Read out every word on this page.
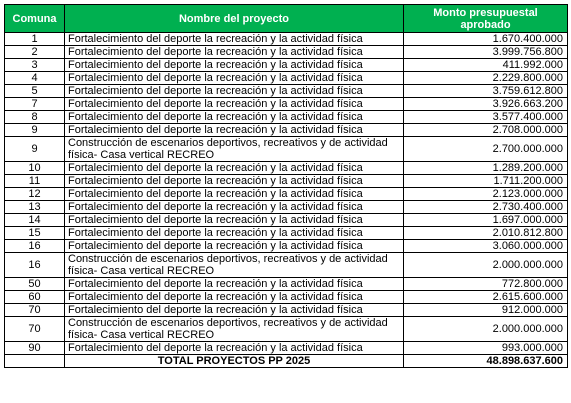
Comuna	Nombre del proyecto	Monto presupuestal aprobado
1	Fortalecimiento del deporte la recreación y la actividad física	1.670.400.000
2	Fortalecimiento del deporte la recreación y la actividad física	3.999.756.800
3	Fortalecimiento del deporte la recreación y la actividad física	411.992.000
4	Fortalecimiento del deporte la recreación y la actividad física	2.229.800.000
5	Fortalecimiento del deporte la recreación y la actividad física	3.759.612.800
7	Fortalecimiento del deporte la recreación y la actividad física	3.926.663.200
8	Fortalecimiento del deporte la recreación y la actividad física	3.577.400.000
9	Fortalecimiento del deporte la recreación y la actividad física	2.708.000.000
9	Construcción de escenarios deportivos, recreativos y de actividad física- Casa vertical RECREO	2.700.000.000
10	Fortalecimiento del deporte la recreación y la actividad física	1.289.200.000
11	Fortalecimiento del deporte la recreación y la actividad física	1.711.200.000
12	Fortalecimiento del deporte la recreación y la actividad física	2.123.000.000
13	Fortalecimiento del deporte la recreación y la actividad física	2.730.400.000
14	Fortalecimiento del deporte la recreación y la actividad física	1.697.000.000
15	Fortalecimiento del deporte la recreación y la actividad física	2.010.812.800
16	Fortalecimiento del deporte la recreación y la actividad física	3.060.000.000
16	Construcción de escenarios deportivos, recreativos y de actividad física- Casa vertical RECREO	2.000.000.000
50	Fortalecimiento del deporte la recreación y la actividad física	772.800.000
60	Fortalecimiento del deporte la recreación y la actividad física	2.615.600.000
70	Fortalecimiento del deporte la recreación y la actividad física	912.000.000
70	Construcción de escenarios deportivos, recreativos y de actividad física- Casa vertical RECREO	2.000.000.000
90	Fortalecimiento del deporte la recreación y la actividad física	993.000.000
	TOTAL PROYECTOS PP 2025	48.898.637.600
